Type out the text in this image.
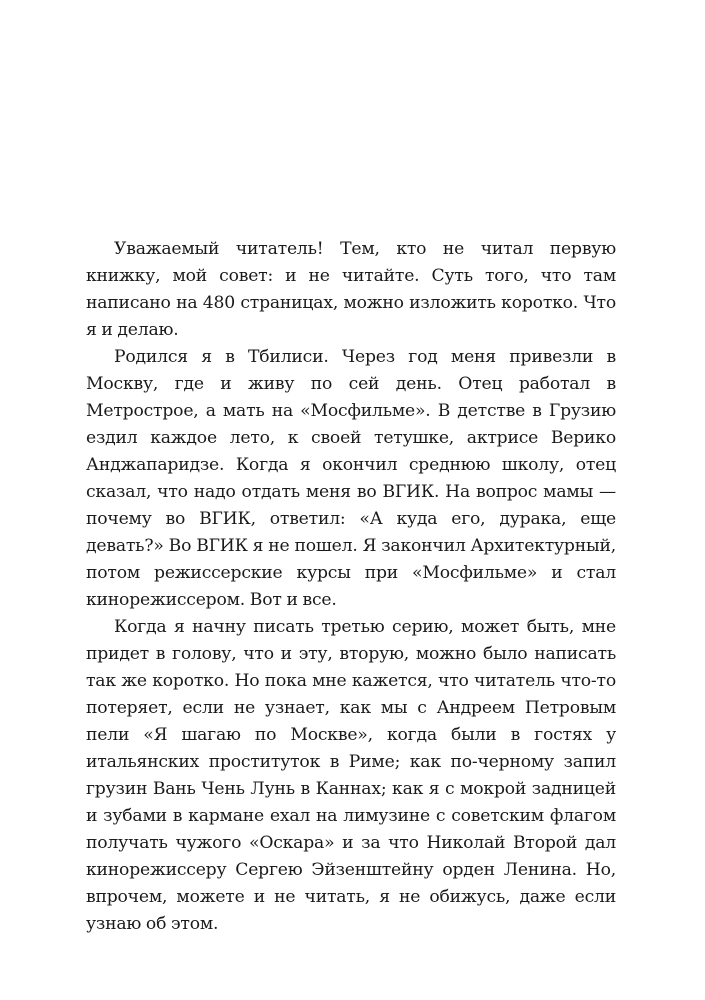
Уважаемый читатель! Тем, кто не читал первую книжку, мой совет: и не читайте. Суть того, что там написано на 480 страницах, можно изложить коротко. Что я и делаю.

Родился я в Тбилиси. Через год меня привезли в Москву, где и живу по сей день. Отец работал в Метрострое, а мать на «Мосфильме». В детстве в Грузию ездил каждое лето, к своей тетушке, актрисе Верико Анджапаридзе. Когда я окончил среднюю школу, отец сказал, что надо отдать меня во ВГИК. На вопрос мамы — почему во ВГИК, ответил: «А куда его, дурака, еще девать?» Во ВГИК я не пошел. Я закончил Архитектурный, потом режиссерские курсы при «Мосфильме» и стал кинорежиссером. Вот и все.

Когда я начну писать третью серию, может быть, мне придет в голову, что и эту, вторую, можно было написать так же коротко. Но пока мне кажется, что читатель что-то потеряет, если не узнает, как мы с Андреем Петровым пели «Я шагаю по Москве», когда были в гостях у итальянских проституток в Риме; как по-черному запил грузин Вань Чень Лунь в Каннах; как я с мокрой задницей и зубами в кармане ехал на лимузине с советским флагом получать чужого «Оскара» и за что Николай Второй дал кинорежиссеру Сергею Эйзенштейну орден Ленина. Но, впрочем, можете и не читать, я не обижусь, даже если узнаю об этом.
